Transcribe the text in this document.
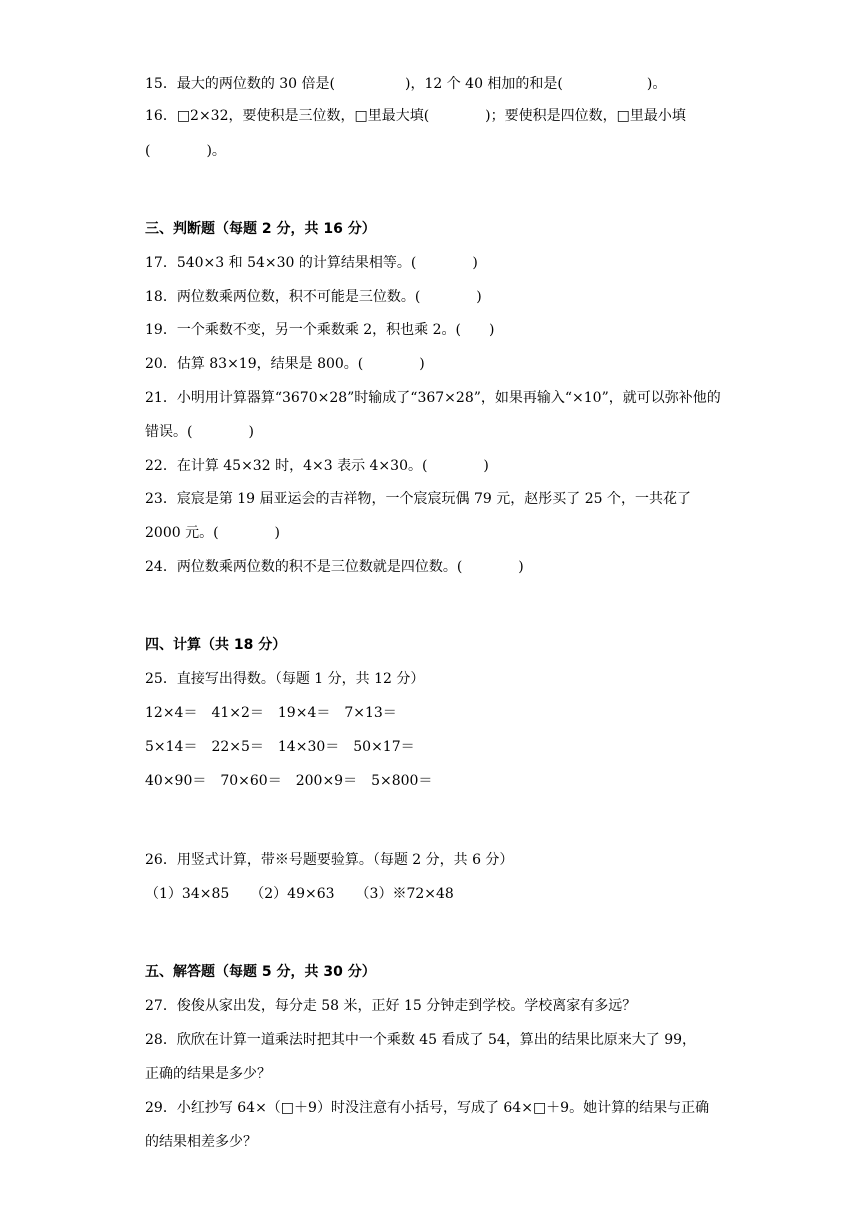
15．最大的两位数的 30 倍是(　　　　　)，12 个 40 相加的和是(　　　　　　)。
16．□2×32，要使积是三位数，□里最大填(　　　　)；要使积是四位数，□里最小填
(　　　　)。
三、判断题（每题 2 分，共 16 分）
17．540×3 和 54×30 的计算结果相等。(　　　　)
18．两位数乘两位数，积不可能是三位数。(　　　　)
19．一个乘数不变，另一个乘数乘 2，积也乘 2。(　　)
20．估算 83×19，结果是 800。(　　　　)
21．小明用计算器算“3670×28”时输成了“367×28”，如果再输入“×10”，就可以弥补他的
错误。(　　　　)
22．在计算 45×32 时，4×3 表示 4×30。(　　　　)
23．宸宸是第 19 届亚运会的吉祥物，一个宸宸玩偶 79 元，赵彤买了 25 个，一共花了
2000 元。(　　　　)
24．两位数乘两位数的积不是三位数就是四位数。(　　　　)
四、计算（共 18 分）
25．直接写出得数。（每题 1 分，共 12 分）
12×4＝　41×2＝　19×4＝　7×13＝
5×14＝　22×5＝　14×30＝　50×17＝
40×90＝　70×60＝　200×9＝　5×800＝
26．用竖式计算，带※号题要验算。（每题 2 分，共 6 分）
（1）34×85　　（2）49×63　　（3）※72×48
五、解答题（每题 5 分，共 30 分）
27．俊俊从家出发，每分走 58 米，正好 15 分钟走到学校。学校离家有多远？
28．欣欣在计算一道乘法时把其中一个乘数 45 看成了 54，算出的结果比原来大了 99，
正确的结果是多少？
29．小红抄写 64×（□＋9）时没注意有小括号，写成了 64×□＋9。她计算的结果与正确
的结果相差多少？
